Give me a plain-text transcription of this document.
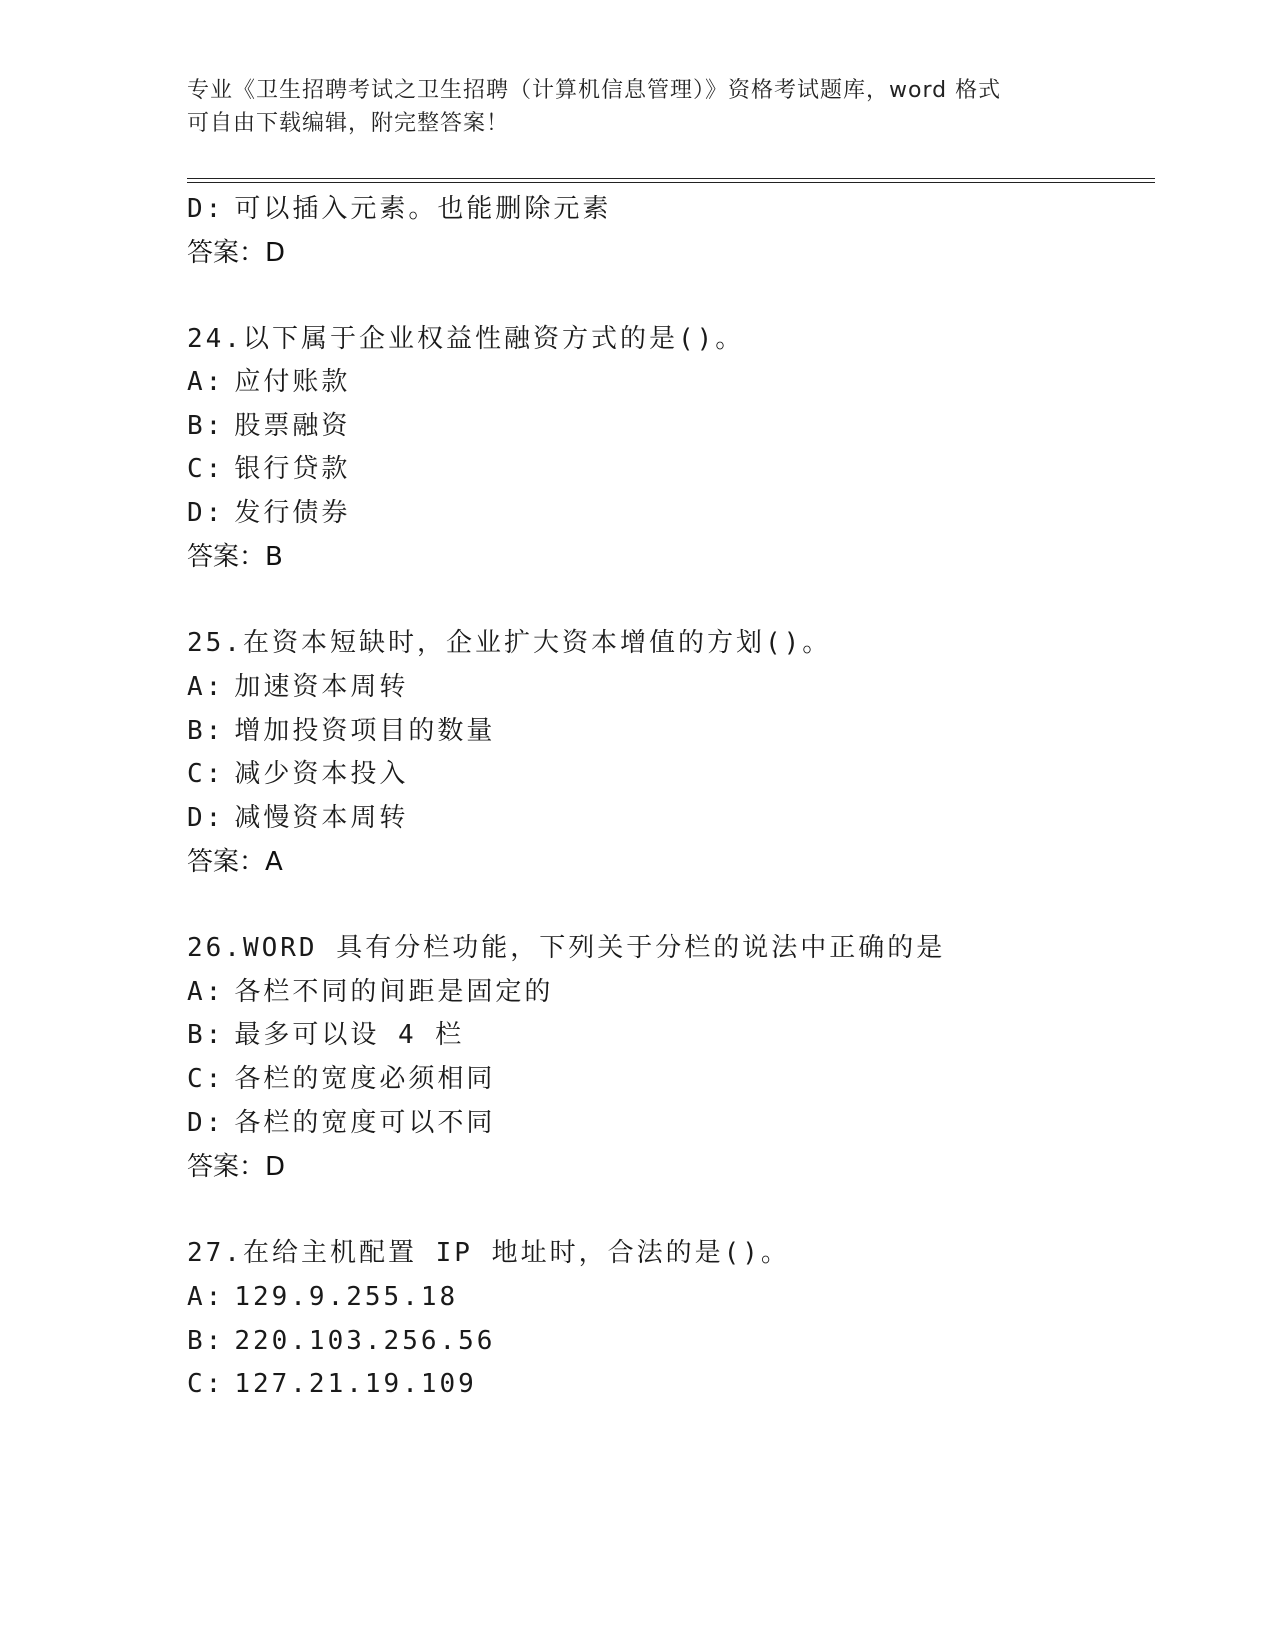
专业《卫生招聘考试之卫生招聘（计算机信息管理）》资格考试题库，word 格式
可自由下载编辑，附完整答案！
D: 可以插入元素。也能删除元素
答案：D
24.以下属于企业权益性融资方式的是()。
A: 应付账款
B: 股票融资
C: 银行贷款
D: 发行债券
答案：B
25.在资本短缺时，企业扩大资本增值的方划()。
A: 加速资本周转
B: 增加投资项目的数量
C: 减少资本投入
D: 减慢资本周转
答案：A
26.WORD 具有分栏功能，下列关于分栏的说法中正确的是
A: 各栏不同的间距是固定的
B: 最多可以设 4 栏
C: 各栏的宽度必须相同
D: 各栏的宽度可以不同
答案：D
27.在给主机配置 IP 地址时，合法的是()。
A: 129.9.255.18
B: 220.103.256.56
C: 127.21.19.109
